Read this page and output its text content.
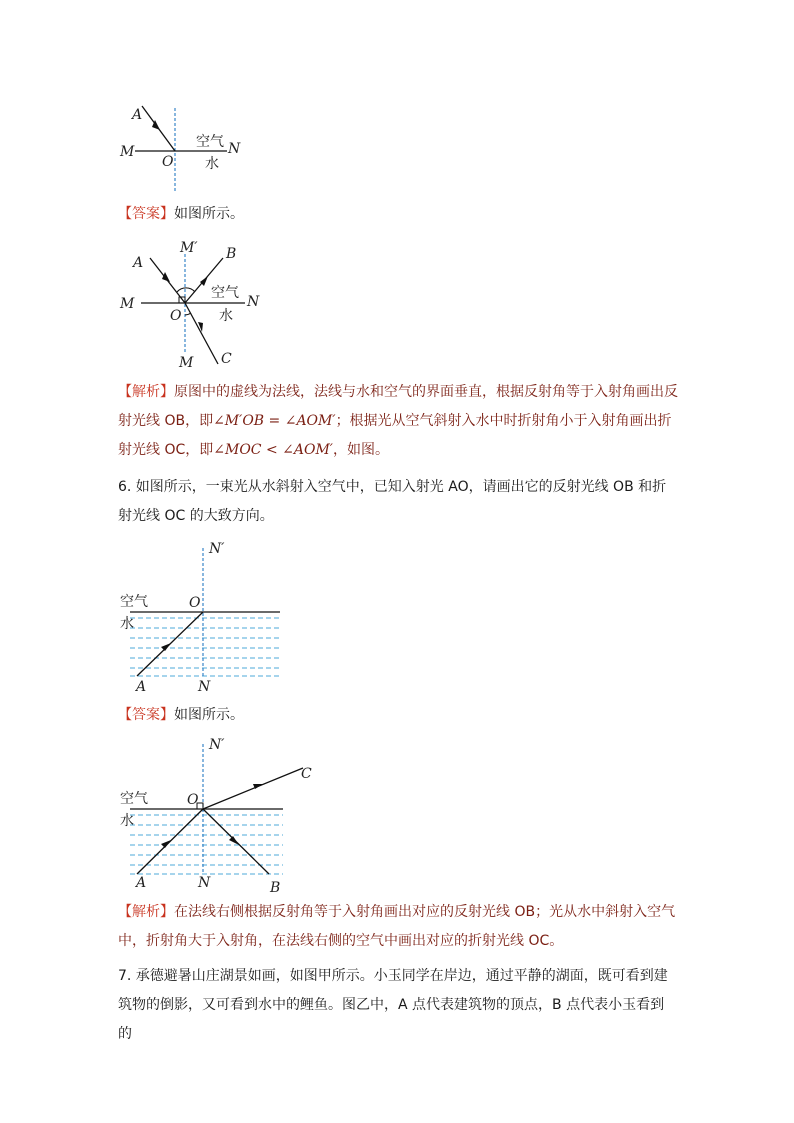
A
M
O
N
空气
水
【答案】如图所示。
A
M′ B
M
O
N
空气
水
M C
【解析】原图中的虚线为法线，法线与水和空气的界面垂直，根据反射角等于入射角画出反射光线 OB，即∠M′OB = ∠AOM′；根据光从空气斜射入水中时折射角小于入射角画出折射光线 OC，即∠MOC < ∠AOM′，如图。
6. 如图所示，一束光从水斜射入空气中，已知入射光 AO，请画出它的反射光线 OB 和折射光线 OC 的大致方向。
N′
空气	O
水
A	N
【答案】如图所示。
N′
C
空气	O
水
A	N	B
【解析】在法线右侧根据反射角等于入射角画出对应的反射光线 OB；光从水中斜射入空气中，折射角大于入射角，在法线右侧的空气中画出对应的折射光线 OC。
7. 承德避暑山庄湖景如画，如图甲所示。小玉同学在岸边，通过平静的湖面，既可看到建筑物的倒影，又可看到水中的鲤鱼。图乙中，A 点代表建筑物的顶点，B 点代表小玉看到的
